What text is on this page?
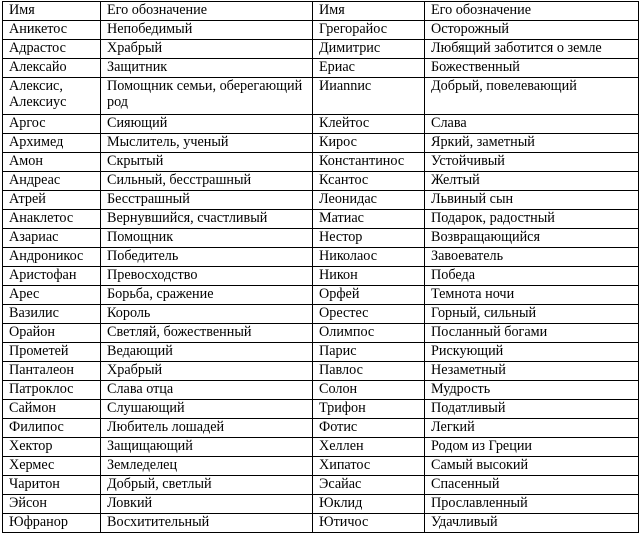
Имя	Его обозначение	Имя	Его обозначение
Аникетос	Непобедимый	Грегорайос	Осторожный
Адрастос	Храбрый	Димитрис	Любящий заботится о земле
Алексайо	Защитник	Ериас	Божественный
Алексис, Алексиус	Помощник семьи, оберегающий род	Ииannис	Добрый, повелевающий
Аргос	Сияющий	Клейтос	Слава
Архимед	Мыслитель, ученый	Кирос	Яркий, заметный
Амон	Скрытый	Константинос	Устойчивый
Андреас	Сильный, бесстрашный	Ксантос	Желтый
Атрей	Бесстрашный	Леонидас	Львиный сын
Анаклетос	Вернувшийся, счастливый	Матиас	Подарок, радостный
Азариас	Помощник	Нестор	Возвращающийся
Андроникос	Победитель	Николаос	Завоеватель
Аристофан	Превосходство	Никон	Победа
Арес	Борьба, сражение	Орфей	Темнота ночи
Вазилис	Король	Орестес	Горный, сильный
Орайон	Светляй, божественный	Олимпос	Посланный богами
Прометей	Ведающий	Парис	Рискующий
Панталеон	Храбрый	Павлос	Незаметный
Патроклос	Слава отца	Солон	Мудрость
Саймон	Слушающий	Трифон	Податливый
Филипос	Любитель лошадей	Фотис	Легкий
Хектор	Защищающий	Хеллен	Родом из Греции
Хермес	Земледелец	Хипатос	Самый высокий
Чаритон	Добрый, светлый	Эсайас	Спасенный
Эйсон	Ловкий	Юклид	Прославленный
Юфранор	Восхитительный	Ютичос	Удачливый
